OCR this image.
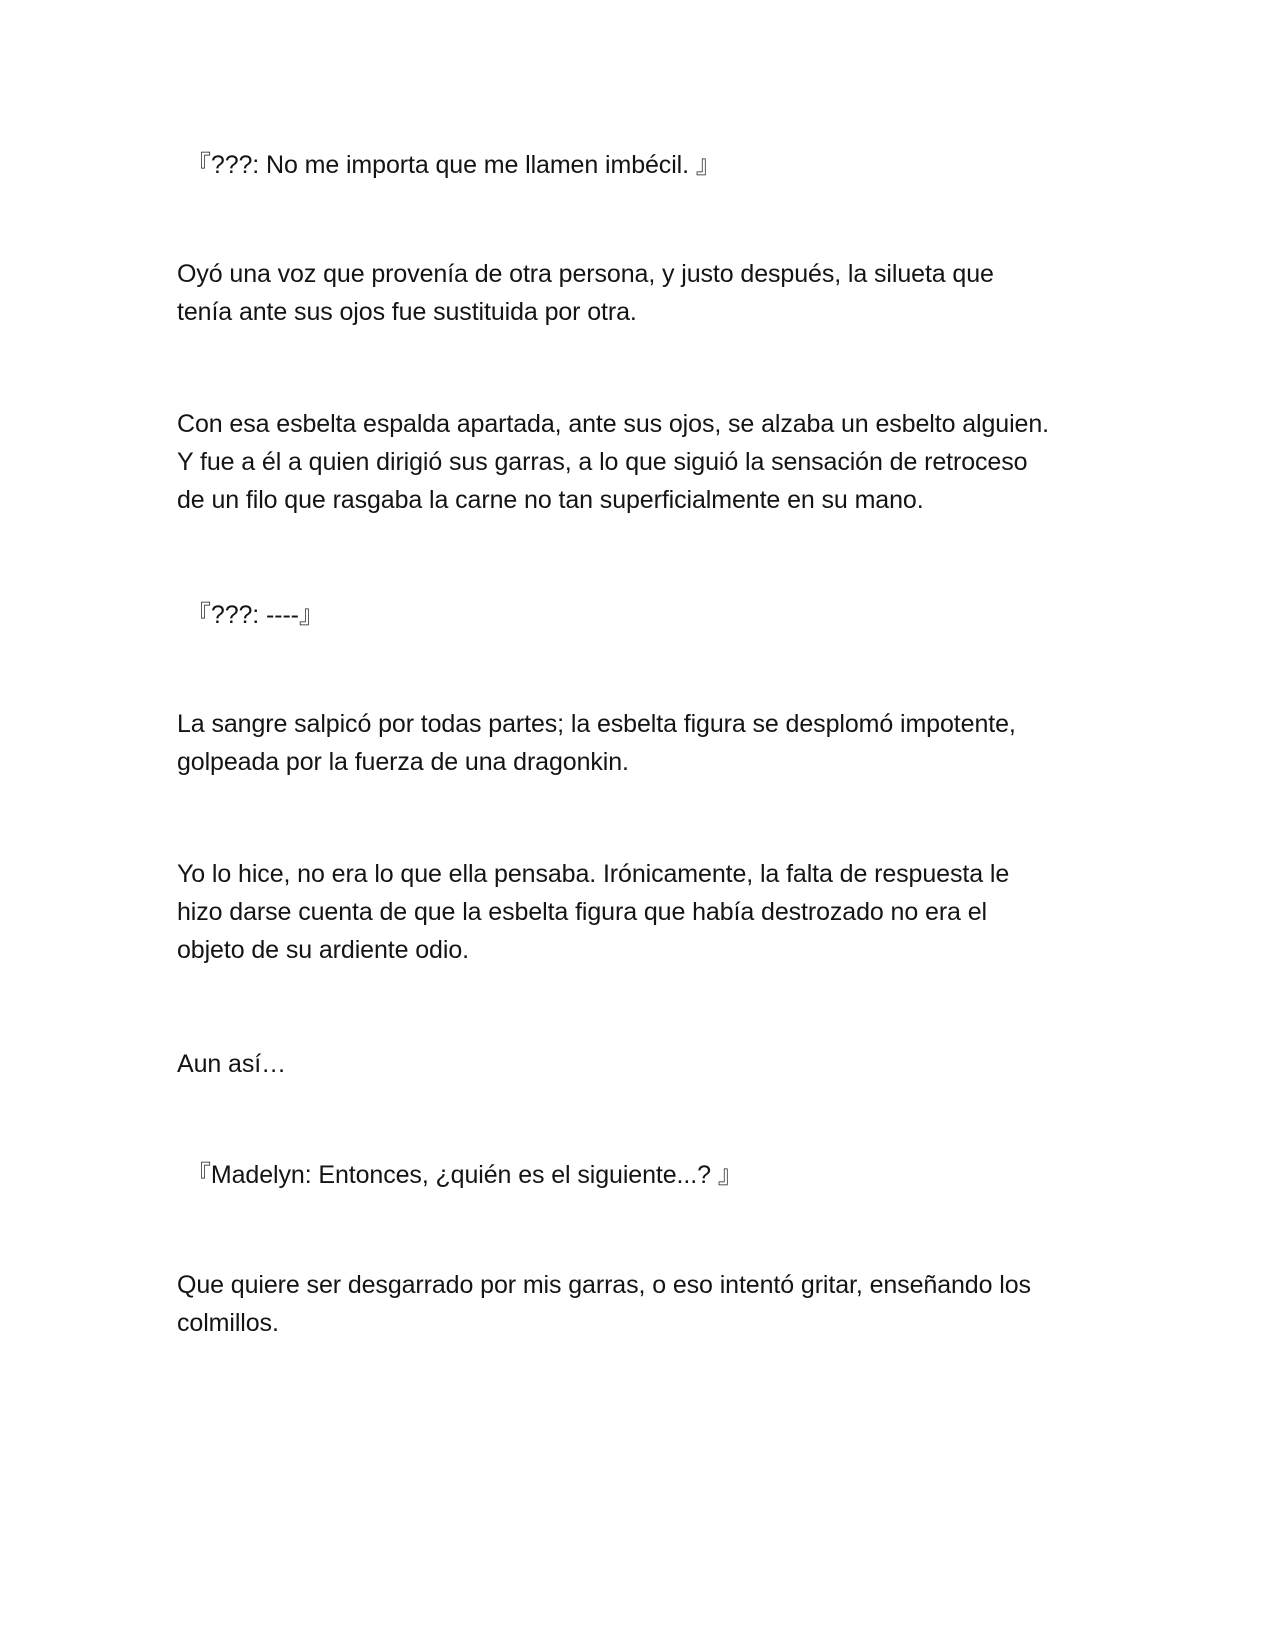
『???: No me importa que me llamen imbécil. 』

Oyó una voz que provenía de otra persona, y justo después, la silueta que
tenía ante sus ojos fue sustituida por otra.

Con esa esbelta espalda apartada, ante sus ojos, se alzaba un esbelto alguien.
Y fue a él a quien dirigió sus garras, a lo que siguió la sensación de retroceso
de un filo que rasgaba la carne no tan superficialmente en su mano.

『???: ----』

La sangre salpicó por todas partes; la esbelta figura se desplomó impotente,
golpeada por la fuerza de una dragonkin.

Yo lo hice, no era lo que ella pensaba. Irónicamente, la falta de respuesta le
hizo darse cuenta de que la esbelta figura que había destrozado no era el
objeto de su ardiente odio.

Aun así…

『Madelyn: Entonces, ¿quién es el siguiente...? 』

Que quiere ser desgarrado por mis garras, o eso intentó gritar, enseñando los
colmillos.
